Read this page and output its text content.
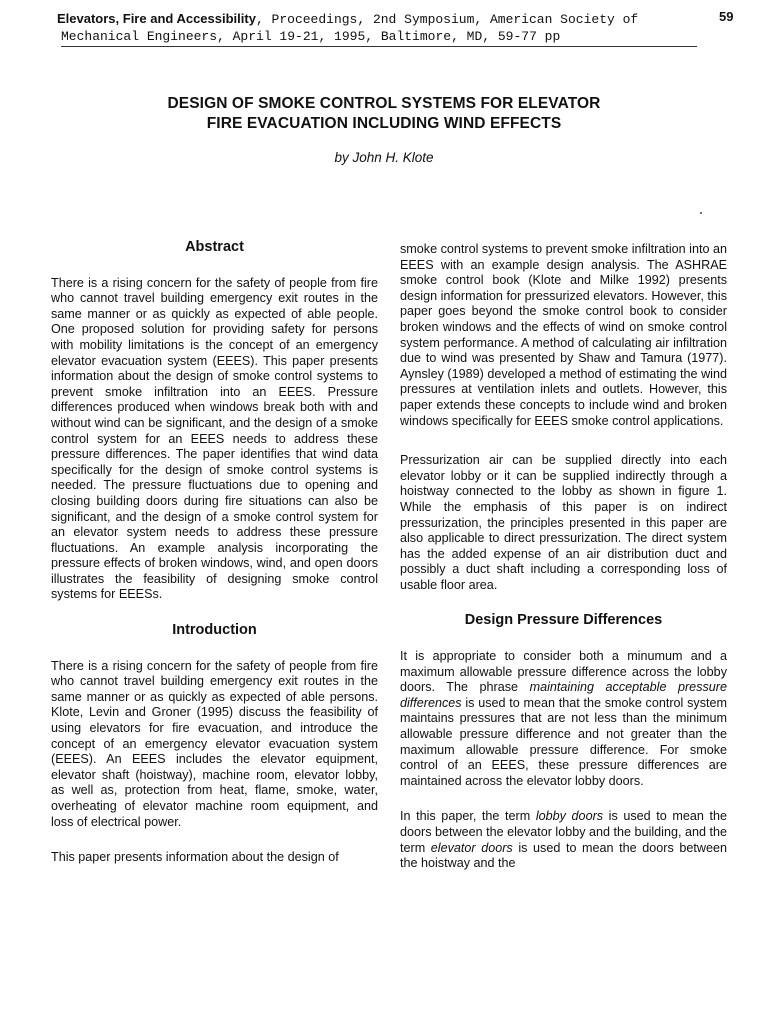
Elevators, Fire and Accessibility, Proceedings, 2nd Symposium, American Society of
Mechanical Engineers, April 19-21, 1995, Baltimore, MD, 59-77 pp
59
DESIGN OF SMOKE CONTROL SYSTEMS FOR ELEVATOR
FIRE EVACUATION INCLUDING WIND EFFECTS
by John H. Klote
Abstract

There is a rising concern for the safety of people from fire who cannot travel building emergency exit routes in the same manner or as quickly as expected of able people. One proposed solution for providing safety for persons with mobility limitations is the concept of an emergency elevator evacuation system (EEES). This paper presents information about the design of smoke control systems to prevent smoke infiltration into an EEES. Pressure differences produced when windows break both with and without wind can be significant, and the design of a smoke control system for an EEES needs to address these pressure differences. The paper identifies that wind data specifically for the design of smoke control systems is needed. The pressure fluctuations due to opening and closing building doors during fire situations can also be significant, and the design of a smoke control system for an elevator system needs to address these pressure fluctuations. An example analysis incorporating the pressure effects of broken windows, wind, and open doors illustrates the feasibility of designing smoke control systems for EEESs.

Introduction

There is a rising concern for the safety of people from fire who cannot travel building emergency exit routes in the same manner or as quickly as expected of able persons. Klote, Levin and Groner (1995) discuss the feasibility of using elevators for fire evacuation, and introduce the concept of an emergency elevator evacuation system (EEES). An EEES includes the elevator equipment, elevator shaft (hoistway), machine room, elevator lobby, as well as, protection from heat, flame, smoke, water, overheating of elevator machine room equipment, and loss of electrical power.

This paper presents information about the design of

smoke control systems to prevent smoke infiltration into an EEES with an example design analysis. The ASHRAE smoke control book (Klote and Milke 1992) presents design information for pressurized elevators. However, this paper goes beyond the smoke control book to consider broken windows and the effects of wind on smoke control system performance. A method of calculating air infiltration due to wind was presented by Shaw and Tamura (1977). Aynsley (1989) developed a method of estimating the wind pressures at ventilation inlets and outlets. However, this paper extends these concepts to include wind and broken windows specifically for EEES smoke control applications.

Pressurization air can be supplied directly into each elevator lobby or it can be supplied indirectly through a hoistway connected to the lobby as shown in figure 1. While the emphasis of this paper is on indirect pressurization, the principles presented in this paper are also applicable to direct pressurization. The direct system has the added expense of an air distribution duct and possibly a duct shaft including a corresponding loss of usable floor area.

Design Pressure Differences

It is appropriate to consider both a minumum and a maximum allowable pressure difference across the lobby doors. The phrase maintaining acceptable pressure differences is used to mean that the smoke control system maintains pressures that are not less than the minimum allowable pressure difference and not greater than the maximum allowable pressure difference. For smoke control of an EEES, these pressure differences are maintained across the elevator lobby doors.

In this paper, the term lobby doors is used to mean the doors between the elevator lobby and the building, and the term elevator doors is used to mean the doors between the hoistway and the
